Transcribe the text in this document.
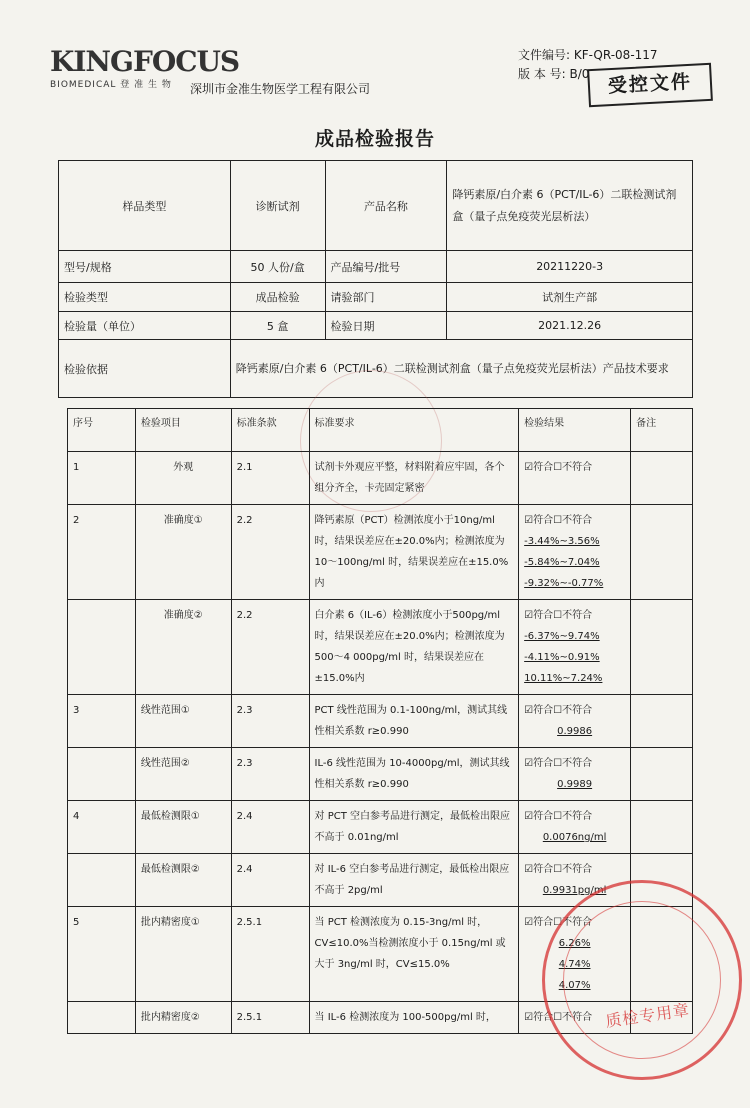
KINGFOCUS
BIOMEDICAL 登 准 生 物	深圳市金准生物医学工程有限公司
文件编号: KF-QR-08-117
版 本 号: B/0 受控文件
成品检验报告
样品类型	诊断试剂	产品名称	降钙素原/白介素 6（PCT/IL-6）二联检测试剂盒（量子点免疫荧光层析法）
型号/规格	50 人份/盒	产品编号/批号	20211220-3
检验类型	成品检验	请验部门	试剂生产部
检验量（单位）	5 盒	检验日期	2021.12.26
检验依据	降钙素原/白介素 6（PCT/IL-6）二联检测试剂盒（量子点免疫荧光层析法）产品技术要求		
序号	检验项目	标准条款	标准要求	检验结果	备注
1	外观	2.1	试剂卡外观应平整，材料附着应牢固，各个组分齐全，卡壳固定紧密	☑符合☐不符合	
2	准确度①	2.2	降钙素原（PCT）检测浓度小于10ng/ml 时，结果误差应在±20.0%内；检测浓度为 10～100ng/ml 时，结果误差应在±15.0%内	☑符合☐不符合
-3.44%~3.56%
-5.84%~7.04%
-9.32%~-0.77%	

	准确度②	2.2	白介素 6（IL-6）检测浓度小于500pg/ml 时，结果误差应在±20.0%内；检测浓度为 500～4 000pg/ml 时，结果误差应在±15.0%内	☑符合☐不符合
-6.37%~9.74%
-4.11%~0.91%
10.11%~7.24%	

3	线性范围①	2.3	PCT 线性范围为 0.1-100ng/ml，测试其线性相关系数 r≥0.990	☑符合☐不符合
0.9986	

	线性范围②	2.3	IL-6 线性范围为 10-4000pg/ml，测试其线性相关系数 r≥0.990	☑符合☐不符合
0.9989	

4	最低检测限①	2.4	对 PCT 空白参考品进行测定，最低检出限应不高于 0.01ng/ml	☑符合☐不符合
0.0076ng/ml	

	最低检测限②	2.4	对 IL-6 空白参考品进行测定，最低检出限应不高于 2pg/ml	☑符合☐不符合
0.9931pg/ml	

5	批内精密度①	2.5.1	当 PCT 检测浓度为 0.15-3ng/ml 时，CV≤10.0%当检测浓度小于 0.15ng/ml 或大于 3ng/ml 时，CV≤15.0%	☑符合☐不符合
6.26%
4.74%
4.07%	

	批内精密度②	2.5.1	当 IL-6 检测浓度为 100-500pg/ml 时，	☑符合☐不符合	质检专用章
